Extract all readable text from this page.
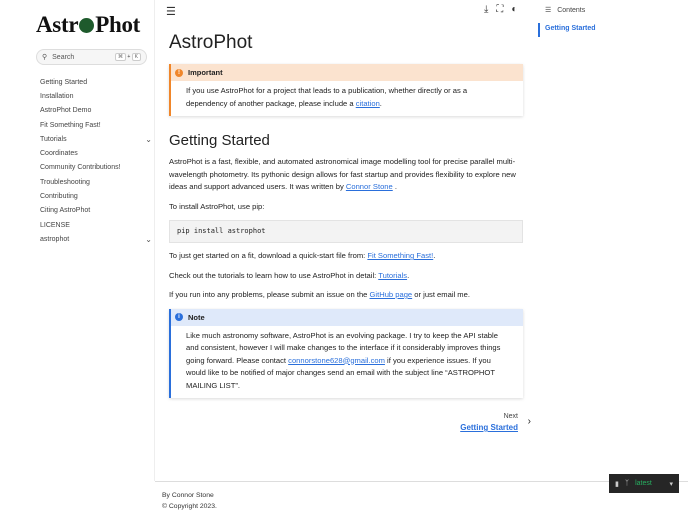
Astr Phot
⚲ Search	⌘ + K
Getting Started
Installation
AstroPhot Demo
Fit Something Fast!
Tutorials	⌄
Coordinates
Community Contributions!
Troubleshooting
Contributing
Citing AstroPhot
LICENSE
astrophot	⌄
☰	⤓ ⛶ ◐	☰ Contents
Getting Started
AstroPhot
!	Important
If you use AstroPhot for a project that leads to a publication, whether directly or as a dependency of another package, please include a citation.
Getting Started

AstroPhot is a fast, flexible, and automated astronomical image modelling tool for precise parallel multi-wavelength photometry. Its pythonic design allows for fast startup and provides flexibility to explore new ideas and support advanced users. It was written by Connor Stone .

To install AstroPhot, use pip:

pip install astrophot

To just get started on a fit, download a quick-start file from: Fit Something Fast!.

Check out the tutorials to learn how to use AstroPhot in detail: Tutorials.

If you run into any problems, please submit an issue on the GitHub page or just email me.

i	Note
Like much astronomy software, AstroPhot is an evolving package. I try to keep the API stable and consistent, however I will make changes to the interface if it considerably improves things going forward. Please contact connorstone628@gmail.com if you experience issues. If you would like to be notified of major changes send an email with the subject line “ASTROPHOT MAILING LIST”.
Next
Getting Started
›
By Connor Stone
© Copyright 2023.
▮ ᛉ latest	▾
